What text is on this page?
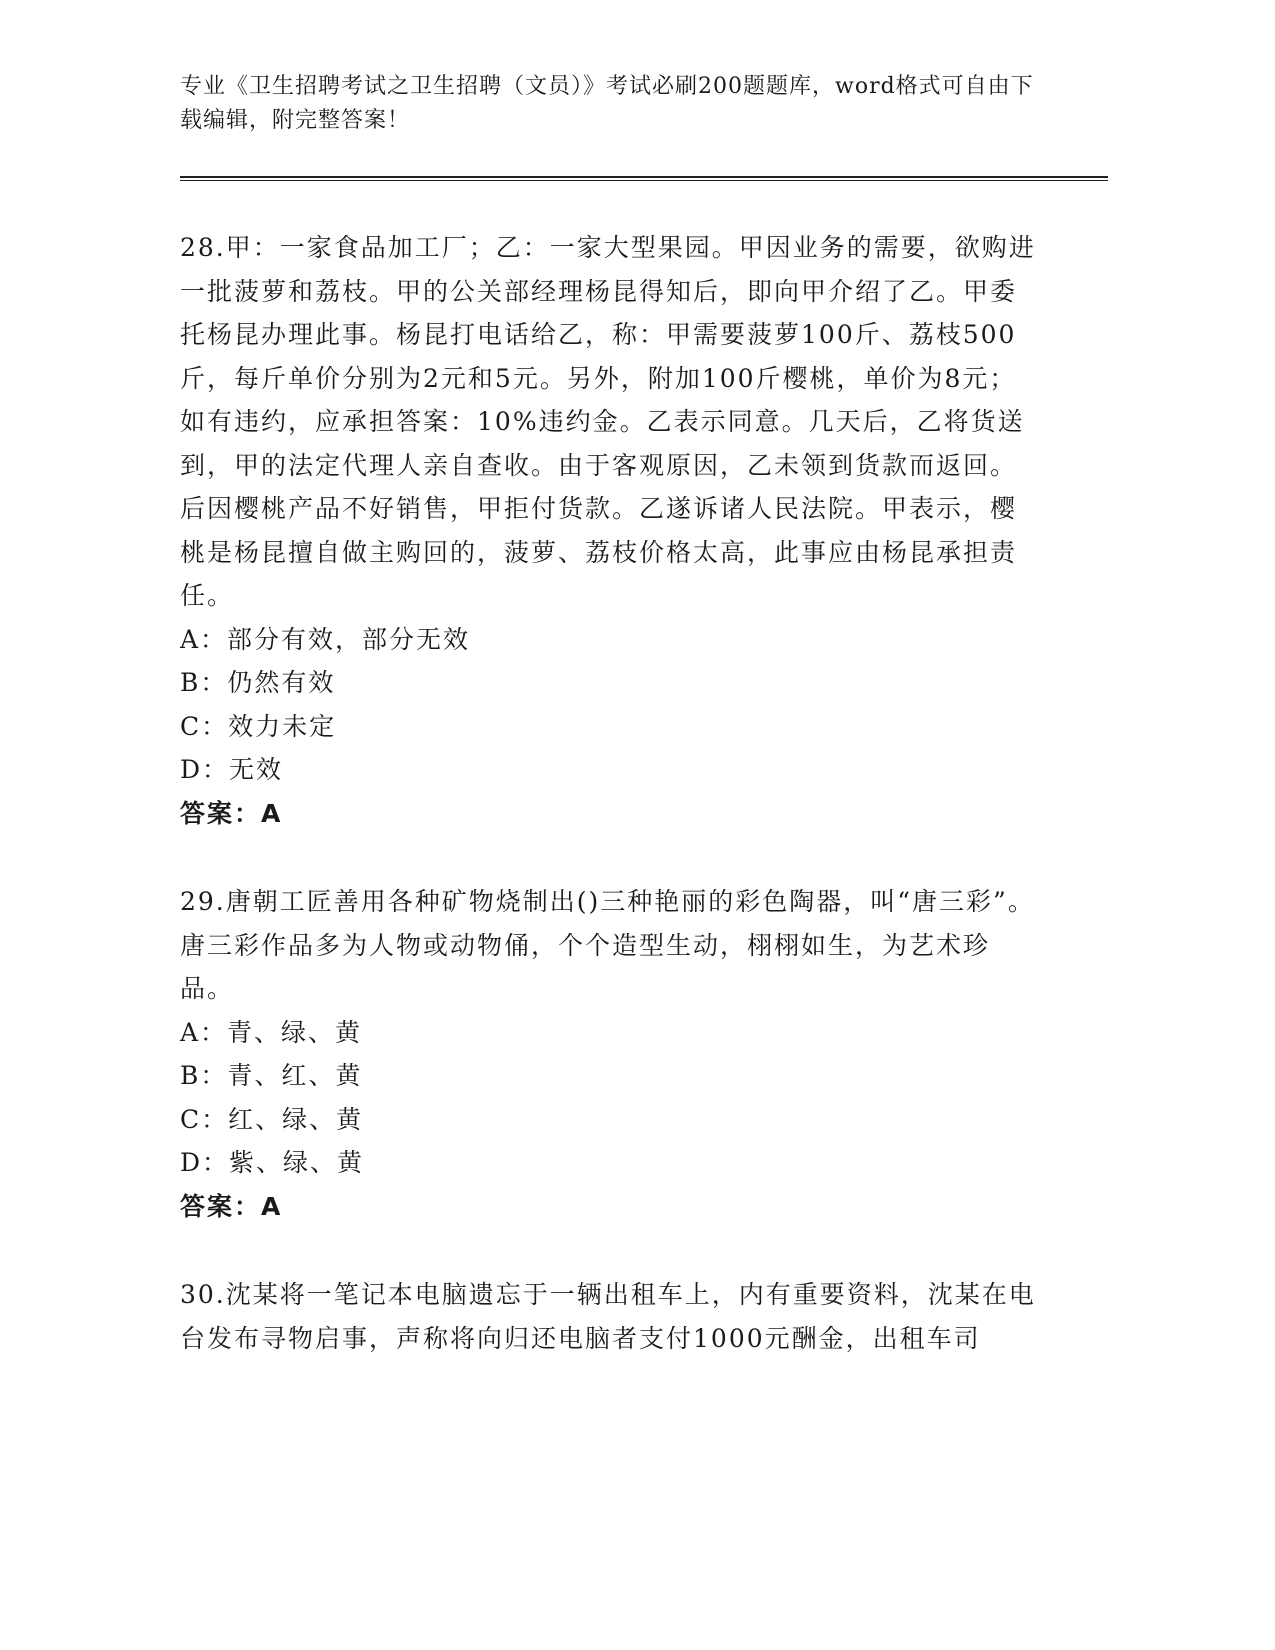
专业《卫生招聘考试之卫生招聘（文员）》考试必刷200题题库，word格式可自由下载编辑，附完整答案！

28.甲：一家食品加工厂；乙：一家大型果园。甲因业务的需要，欲购进一批菠萝和荔枝。甲的公关部经理杨昆得知后，即向甲介绍了乙。甲委托杨昆办理此事。杨昆打电话给乙，称：甲需要菠萝100斤、荔枝500斤，每斤单价分别为2元和5元。另外，附加100斤樱桃，单价为8元；如有违约，应承担答案：10%违约金。乙表示同意。几天后，乙将货送到，甲的法定代理人亲自查收。由于客观原因，乙未领到货款而返回。后因樱桃产品不好销售，甲拒付货款。乙遂诉诸人民法院。甲表示，樱桃是杨昆擅自做主购回的，菠萝、荔枝价格太高，此事应由杨昆承担责任。

A：部分有效，部分无效

B：仍然有效

C：效力未定

D：无效

答案：A

29.唐朝工匠善用各种矿物烧制出()三种艳丽的彩色陶器，叫“唐三彩”。唐三彩作品多为人物或动物俑，个个造型生动，栩栩如生，为艺术珍品。

A：青、绿、黄

B：青、红、黄

C：红、绿、黄

D：紫、绿、黄

答案：A

30.沈某将一笔记本电脑遗忘于一辆出租车上，内有重要资料，沈某在电台发布寻物启事，声称将向归还电脑者支付1000元酬金，出租车司
